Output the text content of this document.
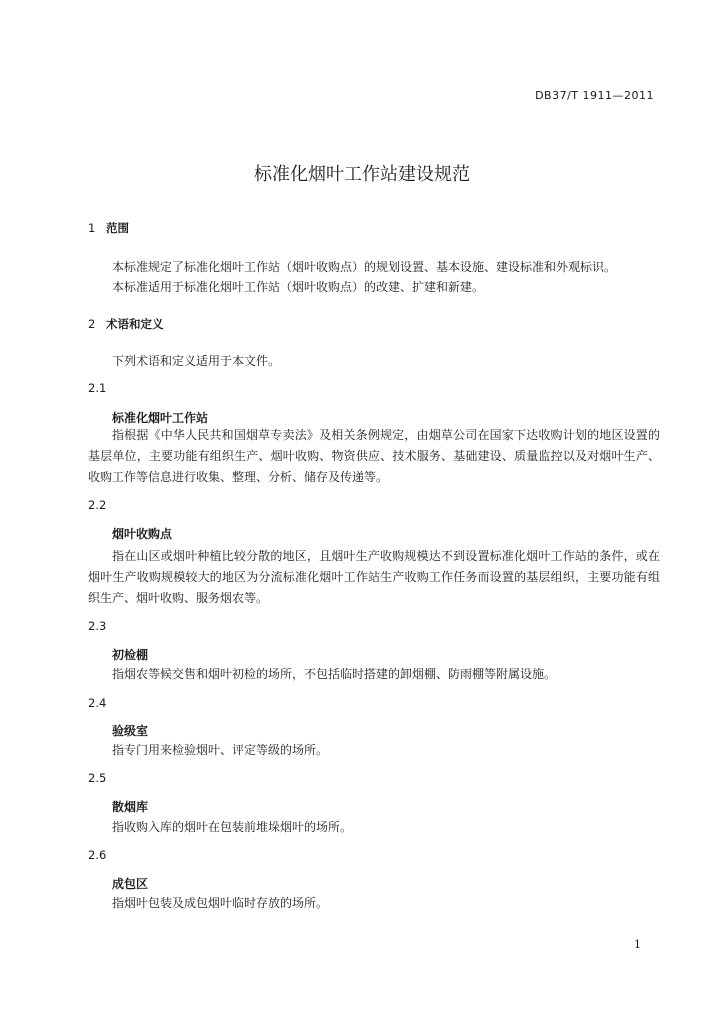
DB37/T 1911—2011
标准化烟叶工作站建设规范
1 范围
本标准规定了标准化烟叶工作站（烟叶收购点）的规划设置、基本设施、建设标准和外观标识。
本标准适用于标准化烟叶工作站（烟叶收购点）的改建、扩建和新建。
2 术语和定义
下列术语和定义适用于本文件。
2.1
标准化烟叶工作站
指根据《中华人民共和国烟草专卖法》及相关条例规定，由烟草公司在国家下达收购计划的地区设置的基层单位，主要功能有组织生产、烟叶收购、物资供应、技术服务、基础建设、质量监控以及对烟叶生产、收购工作等信息进行收集、整理、分析、储存及传递等。
2.2
烟叶收购点
指在山区或烟叶种植比较分散的地区，且烟叶生产收购规模达不到设置标准化烟叶工作站的条件，或在烟叶生产收购规模较大的地区为分流标准化烟叶工作站生产收购工作任务而设置的基层组织，主要功能有组织生产、烟叶收购、服务烟农等。
2.3
初检棚
指烟农等候交售和烟叶初检的场所，不包括临时搭建的卸烟棚、防雨棚等附属设施。
2.4
验级室
指专门用来检验烟叶、评定等级的场所。
2.5
散烟库
指收购入库的烟叶在包装前堆垛烟叶的场所。
2.6
成包区
指烟叶包装及成包烟叶临时存放的场所。
1
